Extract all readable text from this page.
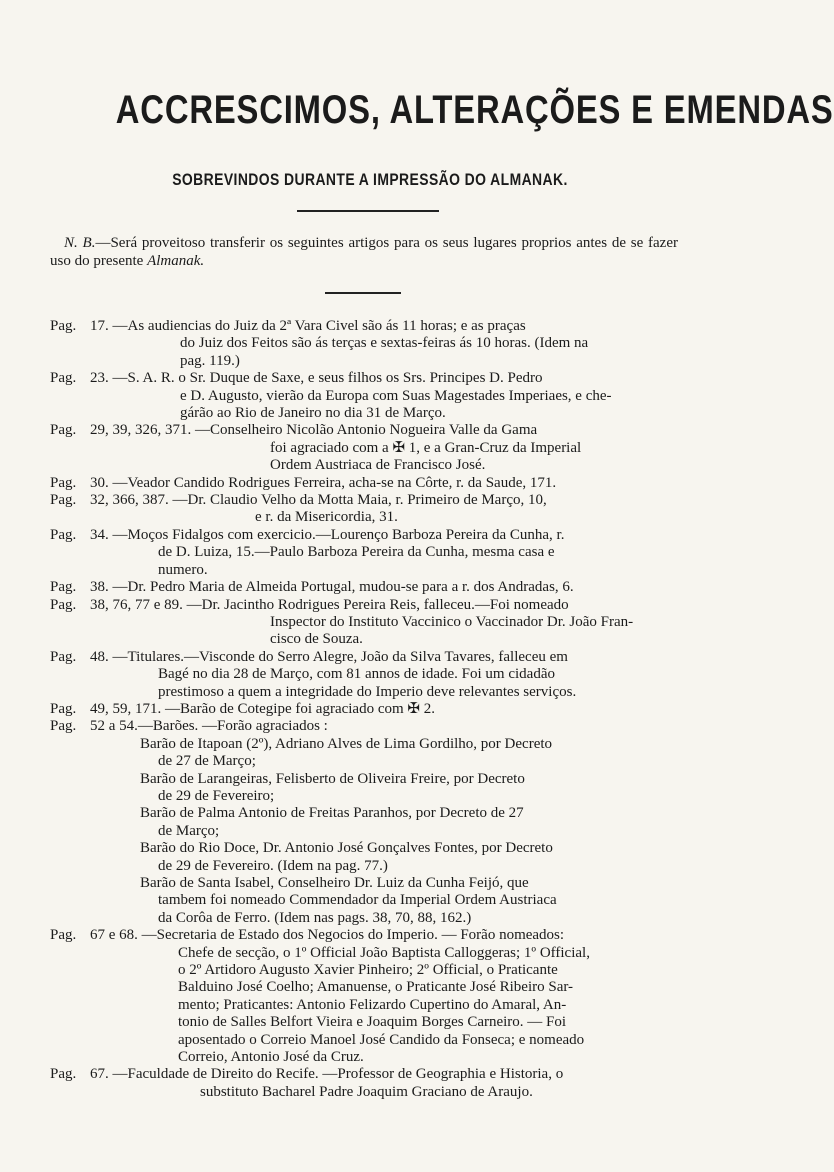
ACCRESCIMOS, ALTERAÇÕES E EMENDAS
SOBREVINDOS DURANTE A IMPRESSÃO DO ALMANAK.
N. B.—Será proveitoso transferir os seguintes artigos para os seus lugares proprios antes de se fazer uso do presente Almanak.
Pag. 17. —As audiencias do Juiz da 2ª Vara Civel são ás 11 horas; e as praças
do Juiz dos Feitos são ás terças e sextas-feiras ás 10 horas. (Idem na
pag. 119.)
Pag. 23. —S. A. R. o Sr. Duque de Saxe, e seus filhos os Srs. Principes D. Pedro
e D. Augusto, vierão da Europa com Suas Magestades Imperiaes, e che-
gárão ao Rio de Janeiro no dia 31 de Março.
Pag. 29, 39, 326, 371. —Conselheiro Nicolão Antonio Nogueira Valle da Gama
foi agraciado com a ✠ 1, e a Gran-Cruz da Imperial
Ordem Austriaca de Francisco José.
Pag. 30. —Veador Candido Rodrigues Ferreira, acha-se na Côrte, r. da Saude, 171.
Pag. 32, 366, 387. —Dr. Claudio Velho da Motta Maia, r. Primeiro de Março, 10,
e r. da Misericordia, 31.
Pag. 34. —Moços Fidalgos com exercicio.—Lourenço Barboza Pereira da Cunha, r.
de D. Luiza, 15.—Paulo Barboza Pereira da Cunha, mesma casa e
numero.
Pag. 38. —Dr. Pedro Maria de Almeida Portugal, mudou-se para a r. dos Andradas, 6.
Pag. 38, 76, 77 e 89. —Dr. Jacintho Rodrigues Pereira Reis, falleceu.—Foi nomeado
Inspector do Instituto Vaccinico o Vaccinador Dr. João Fran-
cisco de Souza.
Pag. 48. —Titulares.—Visconde do Serro Alegre, João da Silva Tavares, falleceu em
Bagé no dia 28 de Março, com 81 annos de idade. Foi um cidadão
prestimoso a quem a integridade do Imperio deve relevantes serviços.
Pag. 49, 59, 171. —Barão de Cotegipe foi agraciado com ✠ 2.
Pag. 52 a 54.—Barões. —Forão agraciados :
Barão de Itapoan (2º), Adriano Alves de Lima Gordilho, por Decreto
de 27 de Março;
Barão de Larangeiras, Felisberto de Oliveira Freire, por Decreto
de 29 de Fevereiro;
Barão de Palma Antonio de Freitas Paranhos, por Decreto de 27
de Março;
Barão do Rio Doce, Dr. Antonio José Gonçalves Fontes, por Decreto
de 29 de Fevereiro. (Idem na pag. 77.)
Barão de Santa Isabel, Conselheiro Dr. Luiz da Cunha Feijó, que
tambem foi nomeado Commendador da Imperial Ordem Austriaca
da Corôa de Ferro. (Idem nas pags. 38, 70, 88, 162.)
Pag. 67 e 68. —Secretaria de Estado dos Negocios do Imperio. — Forão nomeados:
Chefe de secção, o 1º Official João Baptista Calloggeras; 1º Official,
o 2º Artidoro Augusto Xavier Pinheiro; 2º Official, o Praticante
Balduino José Coelho; Amanuense, o Praticante José Ribeiro Sar-
mento; Praticantes: Antonio Felizardo Cupertino do Amaral, An-
tonio de Salles Belfort Vieira e Joaquim Borges Carneiro. — Foi
aposentado o Correio Manoel José Candido da Fonseca; e nomeado
Correio, Antonio José da Cruz.
Pag. 67. —Faculdade de Direito do Recife. —Professor de Geographia e Historia, o
substituto Bacharel Padre Joaquim Graciano de Araujo.
